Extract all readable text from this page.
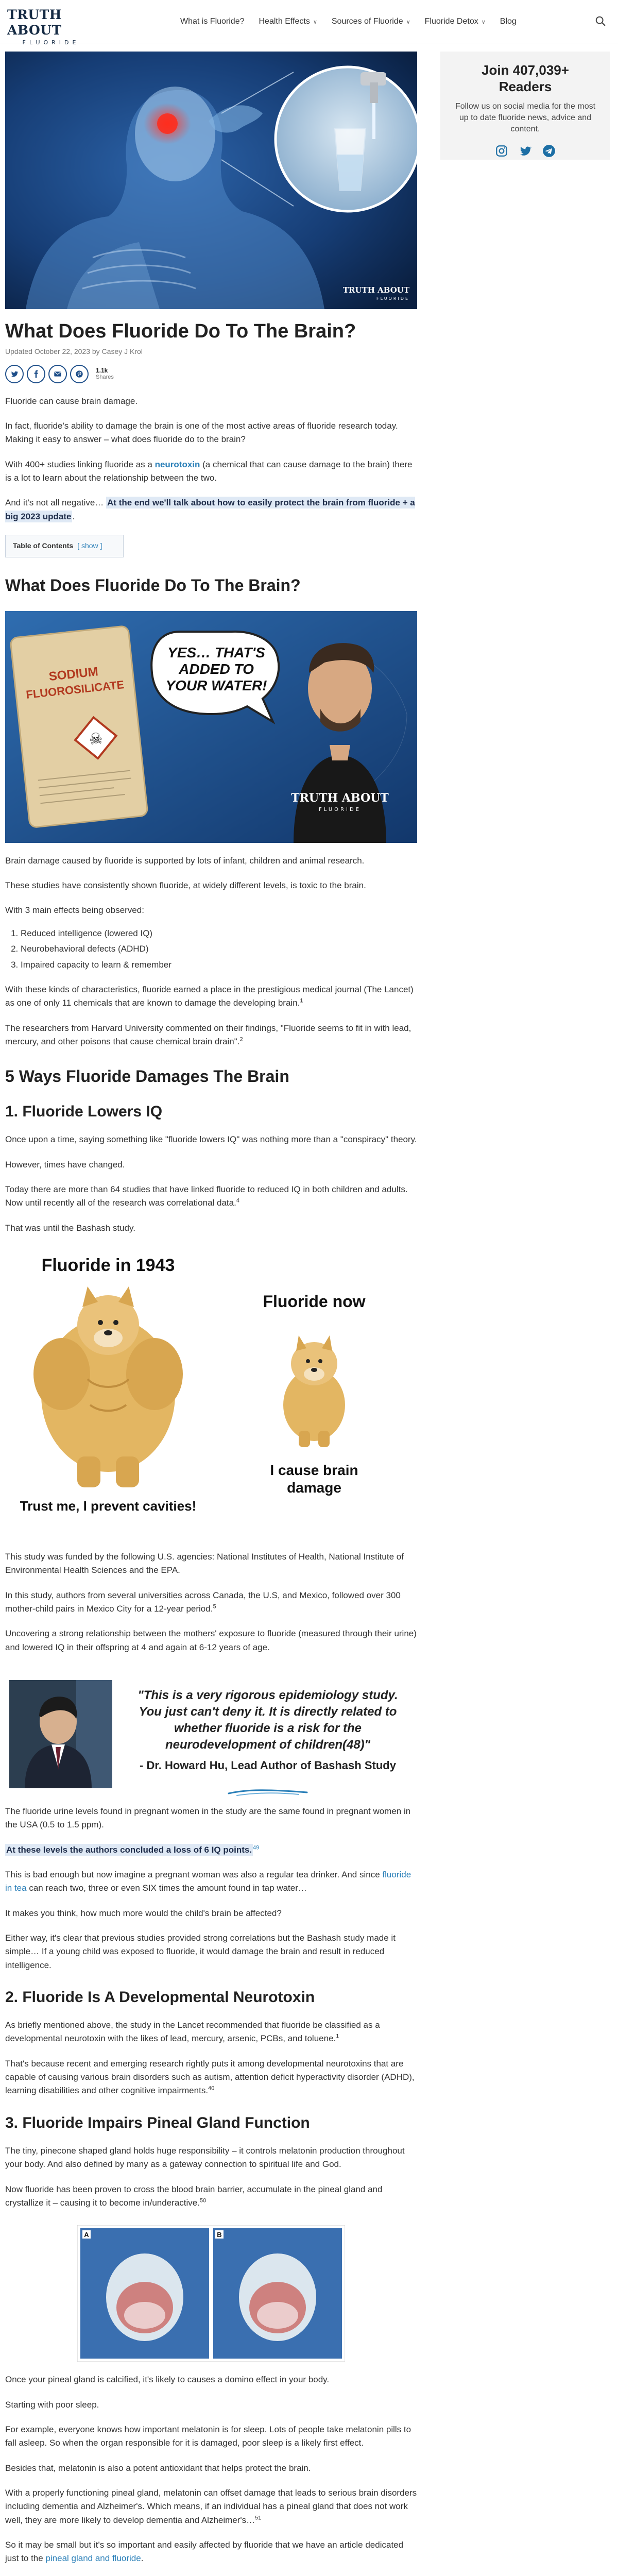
TRUTH ABOUT
FLUORIDE
What is Fluoride? Health Effects ∨ Sources of Fluoride ∨ Fluoride Detox ∨ Blog
Join 407,039+
Readers
Follow us on social media for the most up to date fluoride news, advice and content.
TRUTH ABOUT
FLUORIDE
What Does Fluoride Do To The Brain?
Updated October 22, 2023 by Casey J Krol
1.1k
Shares

Fluoride can cause brain damage.

In fact, fluoride's ability to damage the brain is one of the most active areas of fluoride research today. Making it easy to answer – what does fluoride do to the brain?

With 400+ studies linking fluoride as a neurotoxin (a chemical that can cause damage to the brain) there is a lot to learn about the relationship between the two.

And it's not all negative… At the end we'll talk about how to easily protect the brain from fluoride + a big 2023 update .

Table of Contents [ show ]
What Does Fluoride Do To The Brain?
SODIUM
FLUOROSILICATE
☠
YES… THAT'S ADDED TO YOUR WATER!
TRUTH ABOUT
FLUORIDE

Brain damage caused by fluoride is supported by lots of infant, children and animal research.

These studies have consistently shown fluoride, at widely different levels, is toxic to the brain.

With 3 main effects being observed:

1. Reduced intelligence (lowered IQ)
2. Neurobehavioral defects (ADHD)
3. Impaired capacity to learn & remember

With these kinds of characteristics, fluoride earned a place in the prestigious medical journal (The Lancet) as one of only 11 chemicals that are known to damage the developing brain.$^1$

The researchers from Harvard University commented on their findings, "Fluoride seems to fit in with lead, mercury, and other poisons that cause chemical brain drain".$^2$

5 Ways Fluoride Damages The Brain
1. Fluoride Lowers IQ

Once upon a time, saying something like "fluoride lowers IQ" was nothing more than a "conspiracy" theory.

However, times have changed.

Today there are more than 64 studies that have linked fluoride to reduced IQ in both children and adults. Now until recently all of the research was correlational data.$^4$

That was until the Bashash study.

Fluoride in 1943
Trust me, I prevent cavities!
Fluoride now
I cause brain damage

This study was funded by the following U.S. agencies: National Institutes of Health, National Institute of Environmental Health Sciences and the EPA.

In this study, authors from several universities across Canada, the U.S, and Mexico, followed over 300 mother-child pairs in Mexico City for a 12-year period.$^5$

Uncovering a strong relationship between the mothers' exposure to fluoride (measured through their urine) and lowered IQ in their offspring at 4 and again at 6-12 years of age.

"This is a very rigorous epidemiology study. You just can't deny it. It is directly related to whether fluoride is a risk for the neurodevelopment of children(48)"
- Dr. Howard Hu, Lead Author of Bashash Study

The fluoride urine levels found in pregnant women in the study are the same found in pregnant women in the USA (0.5 to 1.5 ppm).

At these levels the authors concluded a loss of 6 IQ points. $^{49}$

This is bad enough but now imagine a pregnant woman was also a regular tea drinker. And since fluoride in tea can reach two, three or even SIX times the amount found in tap water…

It makes you think, how much more would the child's brain be affected?

Either way, it's clear that previous studies provided strong correlations but the Bashash study made it simple… If a young child was exposed to fluoride, it would damage the brain and result in reduced intelligence.

2. Fluoride Is A Developmental Neurotoxin

As briefly mentioned above, the study in the Lancet recommended that fluoride be classified as a developmental neurotoxin with the likes of lead, mercury, arsenic, PCBs, and toluene.$^1$

That's because recent and emerging research rightly puts it among developmental neurotoxins that are capable of causing various brain disorders such as autism, attention deficit hyperactivity disorder (ADHD), learning disabilities and other cognitive impairments.$^{40}$

3. Fluoride Impairs Pineal Gland Function

The tiny, pinecone shaped gland holds huge responsibility – it controls melatonin production throughout your body. And also defined by many as a gateway connection to spiritual life and God.

Now fluoride has been proven to cross the blood brain barrier, accumulate in the pineal gland and crystallize it – causing it to become in/underactive.$^{50}$

A	B

Once your pineal gland is calcified, it's likely to causes a domino effect in your body.

Starting with poor sleep.

For example, everyone knows how important melatonin is for sleep. Lots of people take melatonin pills to fall asleep. So when the organ responsible for it is damaged, poor sleep is a likely first effect.

Besides that, melatonin is also a potent antioxidant that helps protect the brain.

With a properly functioning pineal gland, melatonin can offset damage that leads to serious brain disorders including dementia and Alzheimer's. Which means, if an individual has a pineal gland that does not work well, they are more likely to develop dementia and Alzheimer's…$^{51}$

So it may be small but it's so important and easily affected by fluoride that we have an article dedicated just to the pineal gland and fluoride.
